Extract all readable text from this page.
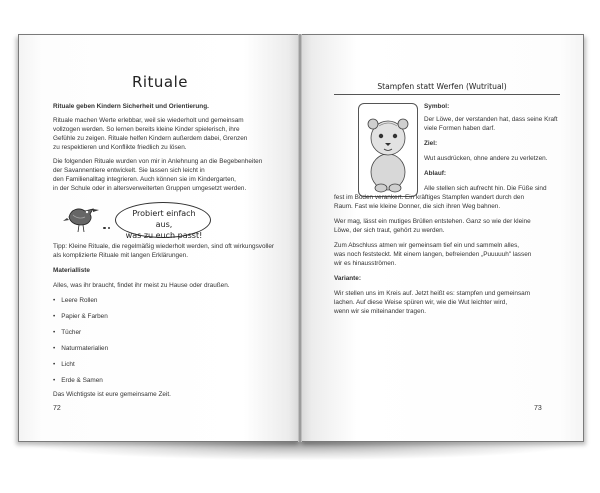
Rituale
Rituale geben Kindern Sicherheit und Orientierung.
Rituale machen Werte erlebbar, weil sie wiederholt und gemeinsam
vollzogen werden. So lernen bereits kleine Kinder spielerisch, ihre
Gefühle zu zeigen. Rituale helfen Kindern außerdem dabei, Grenzen
zu respektieren und Konflikte friedlich zu lösen.
Die folgenden Rituale wurden von mir in Anlehnung an die Begebenheiten
der Savannentiere entwickelt. Sie lassen sich leicht in
den Familienalltag integrieren. Auch können sie im Kindergarten,
in der Schule oder in altersverweiterten Gruppen umgesetzt werden.
Probiert einfach aus,
was zu euch passt!
Tipp: Kleine Rituale, die regelmäßig wiederholt werden, sind oft wirkungsvoller
als komplizierte Rituale mit langen Erklärungen.
Materialliste
Alles, was ihr braucht, findet ihr meist zu Hause oder draußen.
• Leere Rollen
• Papier & Farben
• Tücher
• Naturmaterialien
• Licht
• Erde & Samen
Das Wichtigste ist eure gemeinsame Zeit.
72
Stampfen statt Werfen (Wutritual)
Symbol:
Der Löwe, der verstanden hat, dass seine Kraft
viele Formen haben darf.
Ziel:
Wut ausdrücken, ohne andere zu verletzen.
Ablauf:
Alle stellen sich aufrecht hin. Die Füße sind
fest im Boden verankert. Ein kräftiges Stampfen wandert durch den
Raum. Fast wie kleine Donner, die sich ihren Weg bahnen.
Wer mag, lässt ein mutiges Brüllen entstehen. Ganz so wie der kleine
Löwe, der sich traut, gehört zu werden.
Zum Abschluss atmen wir gemeinsam tief ein und sammeln alles,
was noch feststeckt. Mit einem langen, befreienden „Puuuuuh" lassen
wir es hinausströmen.
Variante:
Wir stellen uns im Kreis auf. Jetzt heißt es: stampfen und gemeinsam
lachen. Auf diese Weise spüren wir, wie die Wut leichter wird,
wenn wir sie miteinander tragen.
73
